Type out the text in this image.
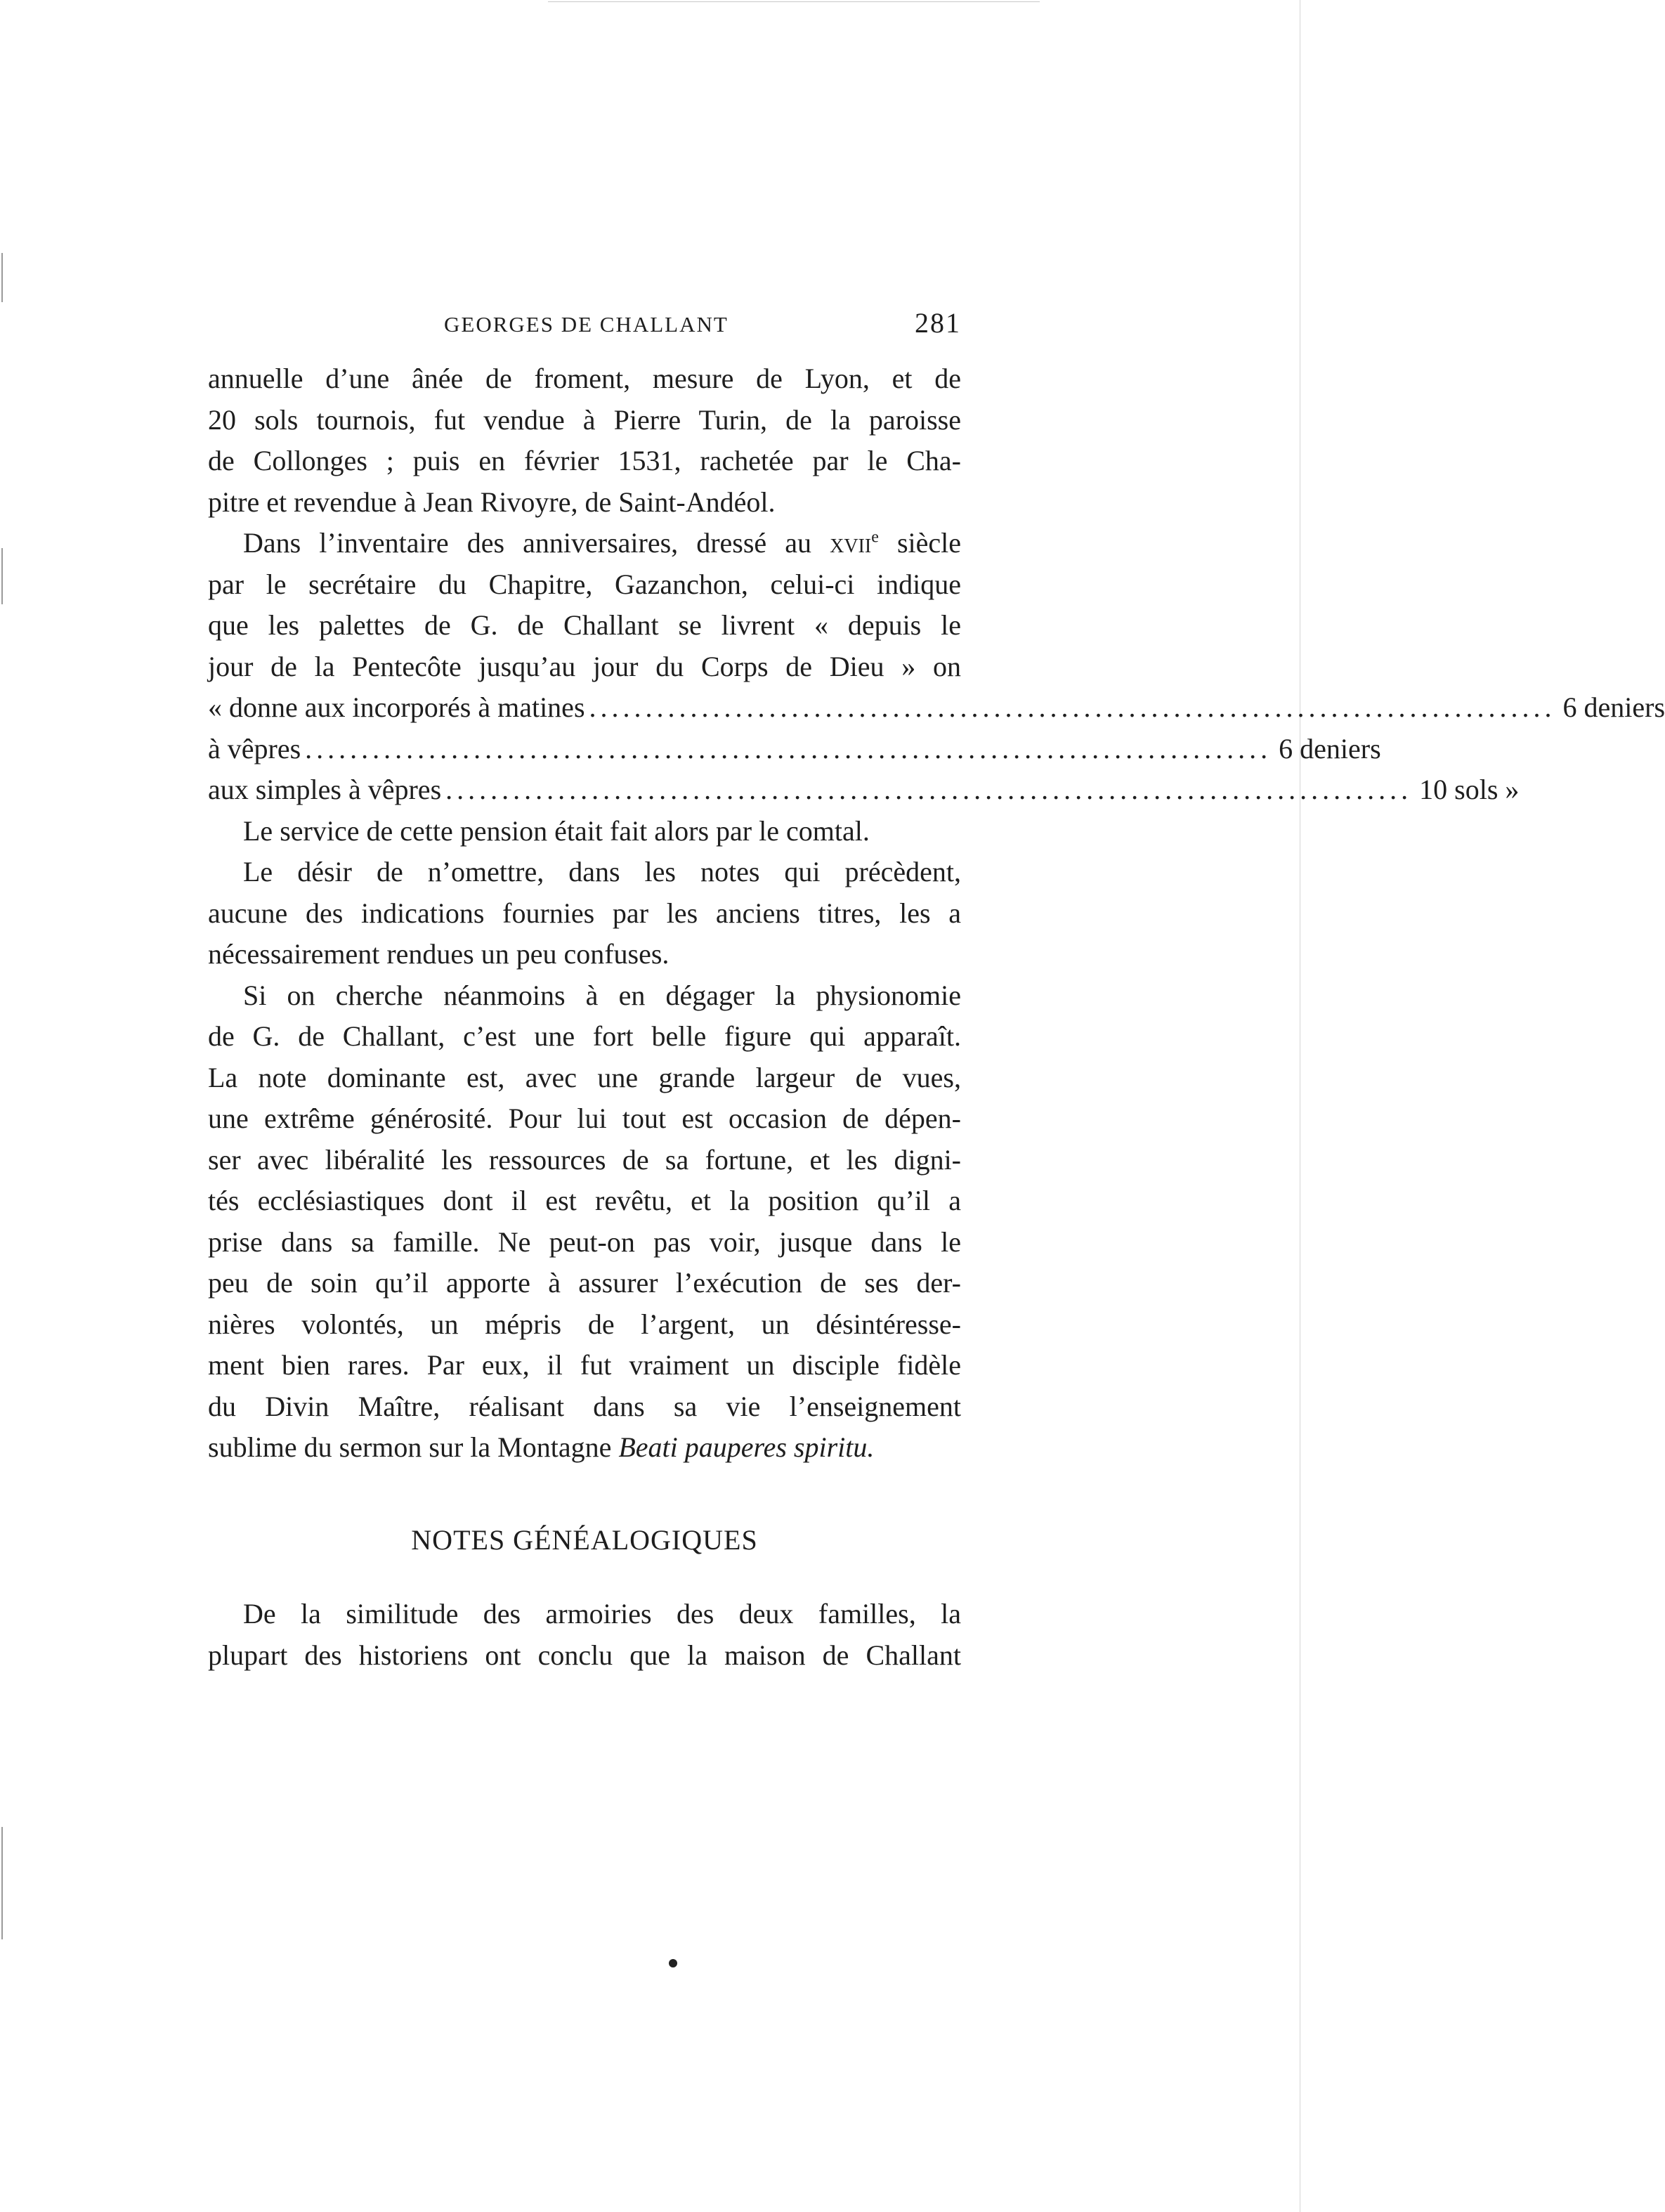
GEORGES DE CHALLANT	281
annuelle d’une ânée de froment, mesure de Lyon, et de
20 sols tournois, fut vendue à Pierre Turin, de la paroisse
de Collonges ; puis en février 1531, rachetée par le Cha-
pitre et revendue à Jean Rivoyre, de Saint-Andéol.
Dans l’inventaire des anniversaires, dressé au xvii$^e$ siècle
par le secrétaire du Chapitre, Gazanchon, celui-ci indique
que les palettes de G. de Challant se livrent « depuis le
jour de la Pentecôte jusqu’au jour du Corps de Dieu » on
« donne aux incorporés à matines ...................................................................................... 6 deniers
à vêpres ...................................................................................... 6 deniers
aux simples à vêpres ...................................................................................... 10 sols »
Le service de cette pension était fait alors par le comtal.
Le désir de n’omettre, dans les notes qui précèdent,
aucune des indications fournies par les anciens titres, les a
nécessairement rendues un peu confuses.
Si on cherche néanmoins à en dégager la physionomie
de G. de Challant, c’est une fort belle figure qui apparaît.
La note dominante est, avec une grande largeur de vues,
une extrême générosité. Pour lui tout est occasion de dépen-
ser avec libéralité les ressources de sa fortune, et les digni-
tés ecclésiastiques dont il est revêtu, et la position qu’il a
prise dans sa famille. Ne peut-on pas voir, jusque dans le
peu de soin qu’il apporte à assurer l’exécution de ses der-
nières volontés, un mépris de l’argent, un désintéresse-
ment bien rares. Par eux, il fut vraiment un disciple fidèle
du Divin Maître, réalisant dans sa vie l’enseignement
sublime du sermon sur la Montagne Beati pauperes spiritu.
NOTES GÉNÉALOGIQUES
De la similitude des armoiries des deux familles, la
plupart des historiens ont conclu que la maison de Challant
